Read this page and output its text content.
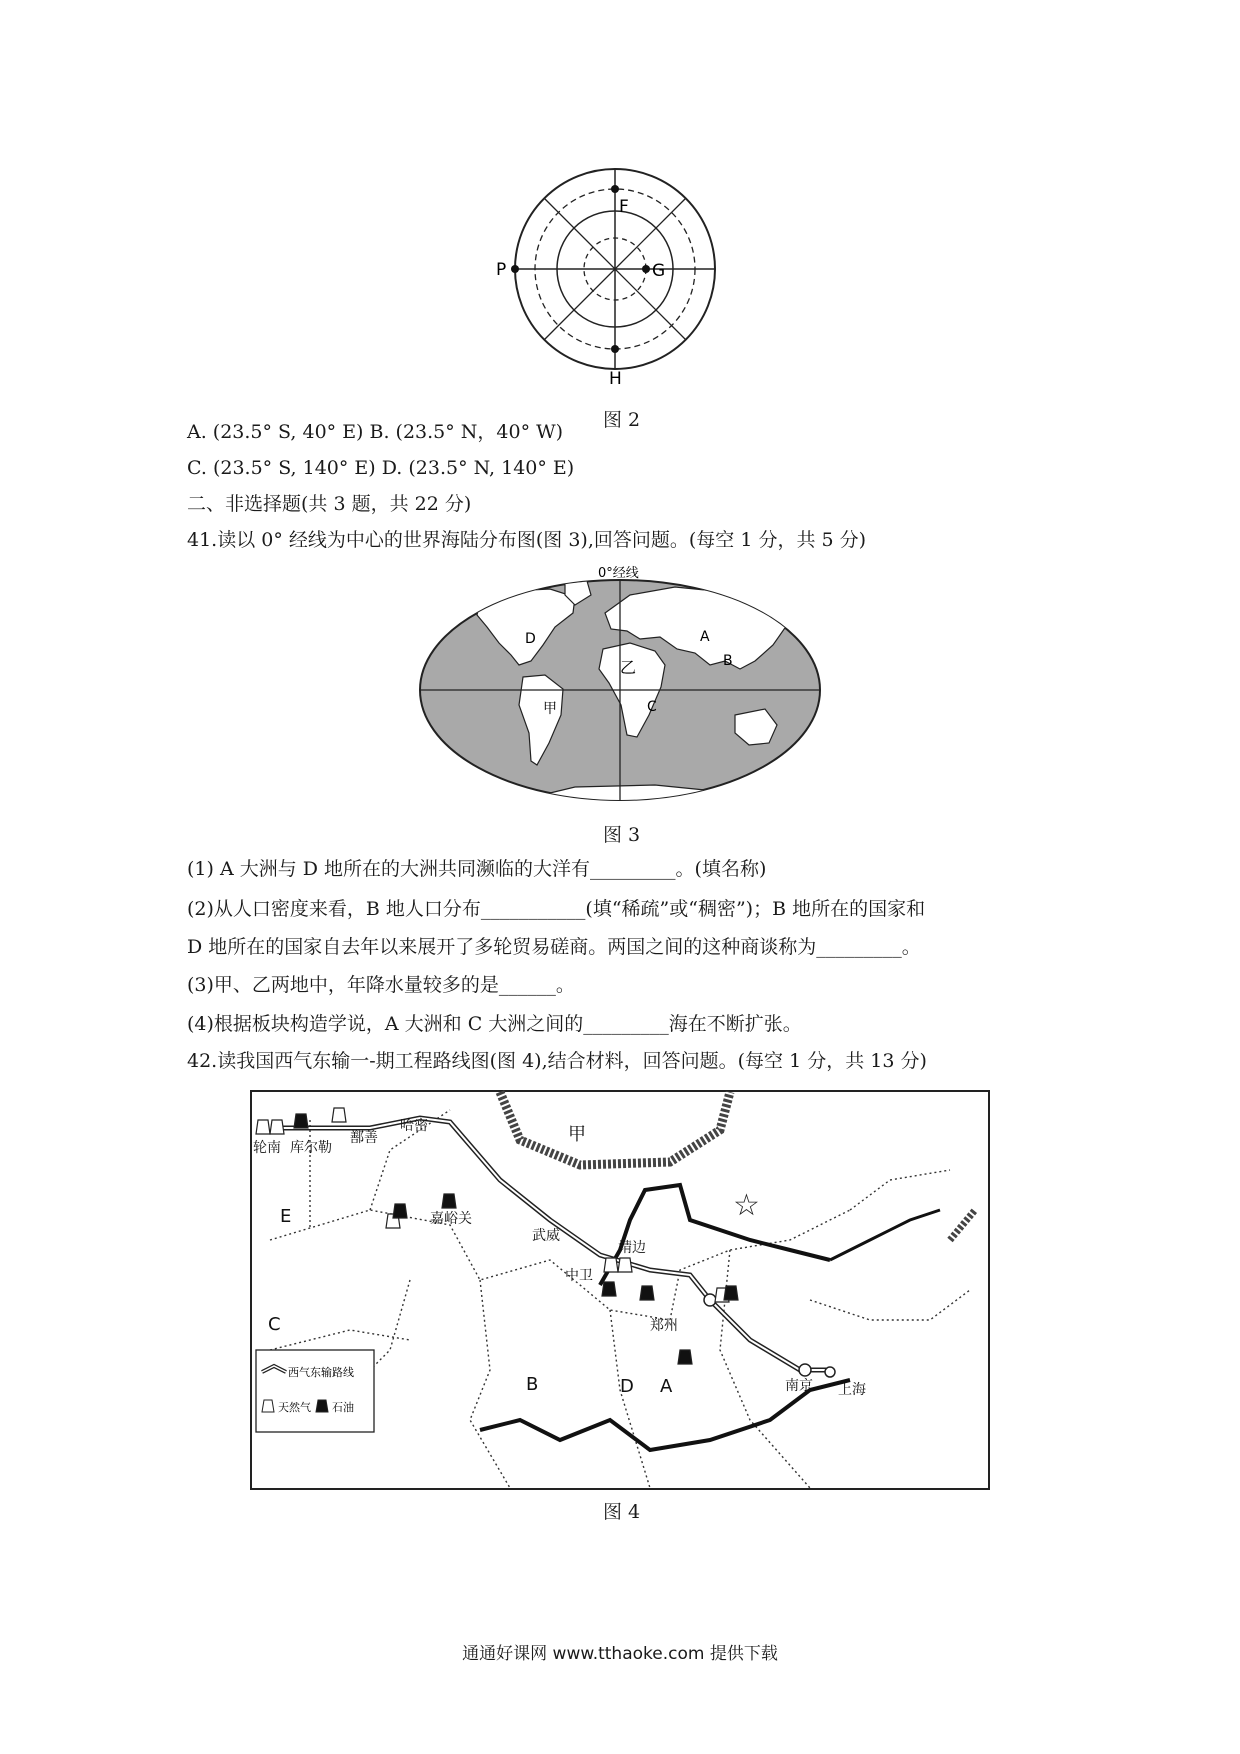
P
F
G
H
图 2
A. (23.5° S, 40° E) B. (23.5° N，40° W)
C. (23.5° S, 140° E) D. (23.5° N, 140° E)
二、非选择题(共 3 题，共 22 分)
41.读以 0° 经线为中心的世界海陆分布图(图 3),回答问题。(每空 1 分，共 5 分)
0°经线
D
甲
乙
A
B
C
图 3
(1) A 大洲与 D 地所在的大洲共同濒临的大洋有_________。(填名称)
(2)从人口密度来看，B 地人口分布___________(填“稀疏”或“稠密”)；B 地所在的国家和
D 地所在的国家自去年以来展开了多轮贸易磋商。两国之间的这种商谈称为_________。
(3)甲、乙两地中，年降水量较多的是______。
(4)根据板块构造学说，A 大洲和 C 大洲之间的_________海在不断扩张。
42.读我国西气东输一-期工程路线图(图 4),结合材料，回答问题。(每空 1 分，共 13 分)
☆
轮南 库尔勒
鄯善
哈密
嘉峪关
武威
中卫
靖边
郑州
南京 上海
甲
E
C
B	D A
西气东输路线
天然气 石油
图 4
通通好课网 www.tthaoke.com 提供下载
